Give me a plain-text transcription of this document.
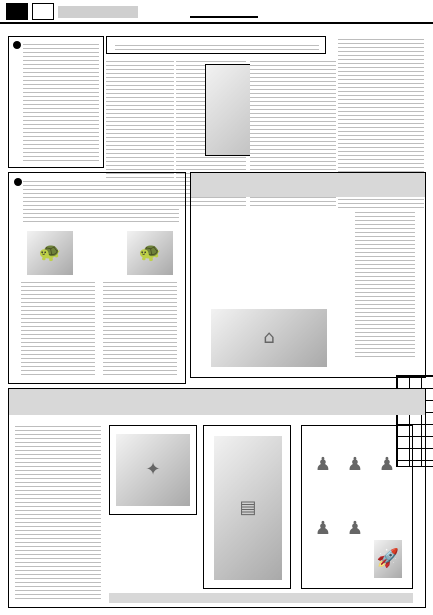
🐢	🐢
⌂
✦
▤
♟ ♟ ♟
♟ ♟
🚀
